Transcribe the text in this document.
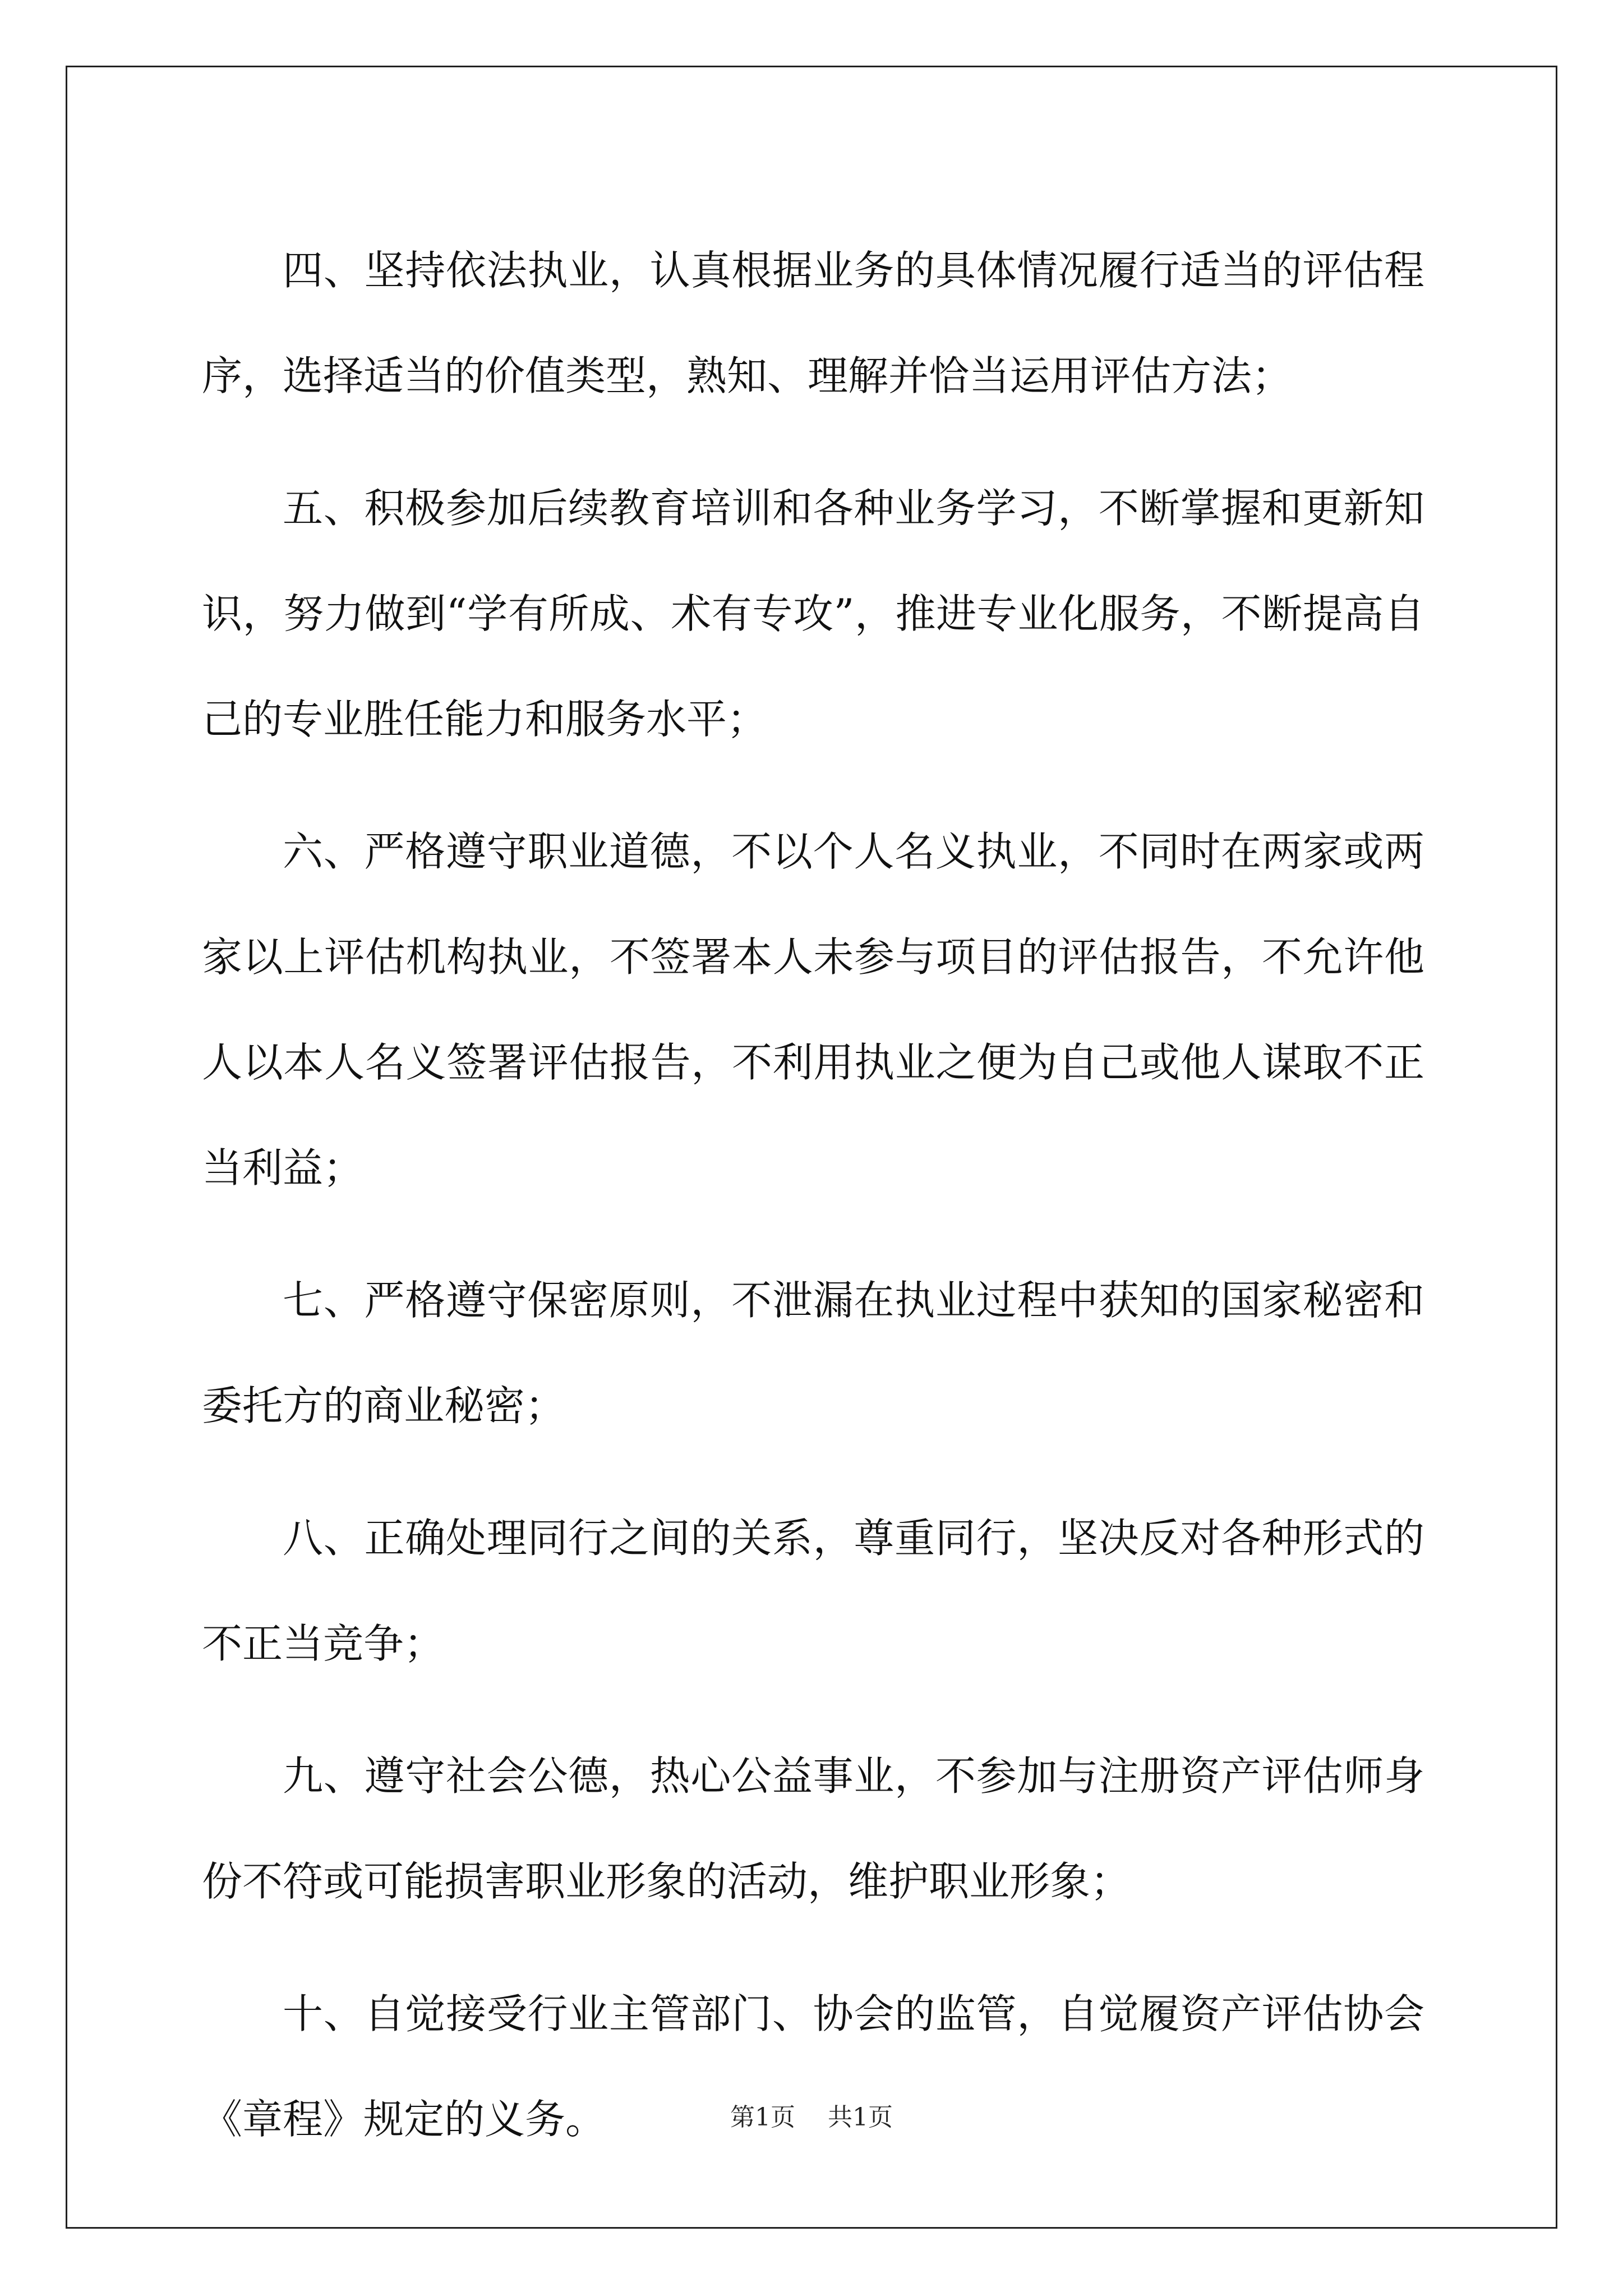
四、坚持依法执业，认真根据业务的具体情况履行适当的评估程序，选择适当的价值类型，熟知、理解并恰当运用评估方法；

五、积极参加后续教育培训和各种业务学习，不断掌握和更新知识，努力做到“学有所成、术有专攻”，推进专业化服务，不断提高自己的专业胜任能力和服务水平；

六、严格遵守职业道德，不以个人名义执业，不同时在两家或两家以上评估机构执业，不签署本人未参与项目的评估报告，不允许他人以本人名义签署评估报告，不利用执业之便为自己或他人谋取不正当利益；

七、严格遵守保密原则，不泄漏在执业过程中获知的国家秘密和委托方的商业秘密；

八、正确处理同行之间的关系，尊重同行，坚决反对各种形式的不正当竞争；

九、遵守社会公德，热心公益事业，不参加与注册资产评估师身份不符或可能损害职业形象的活动，维护职业形象；

十、自觉接受行业主管部门、协会的监管，自觉履资产评估协会《章程》规定的义务。	第1页 共1页
